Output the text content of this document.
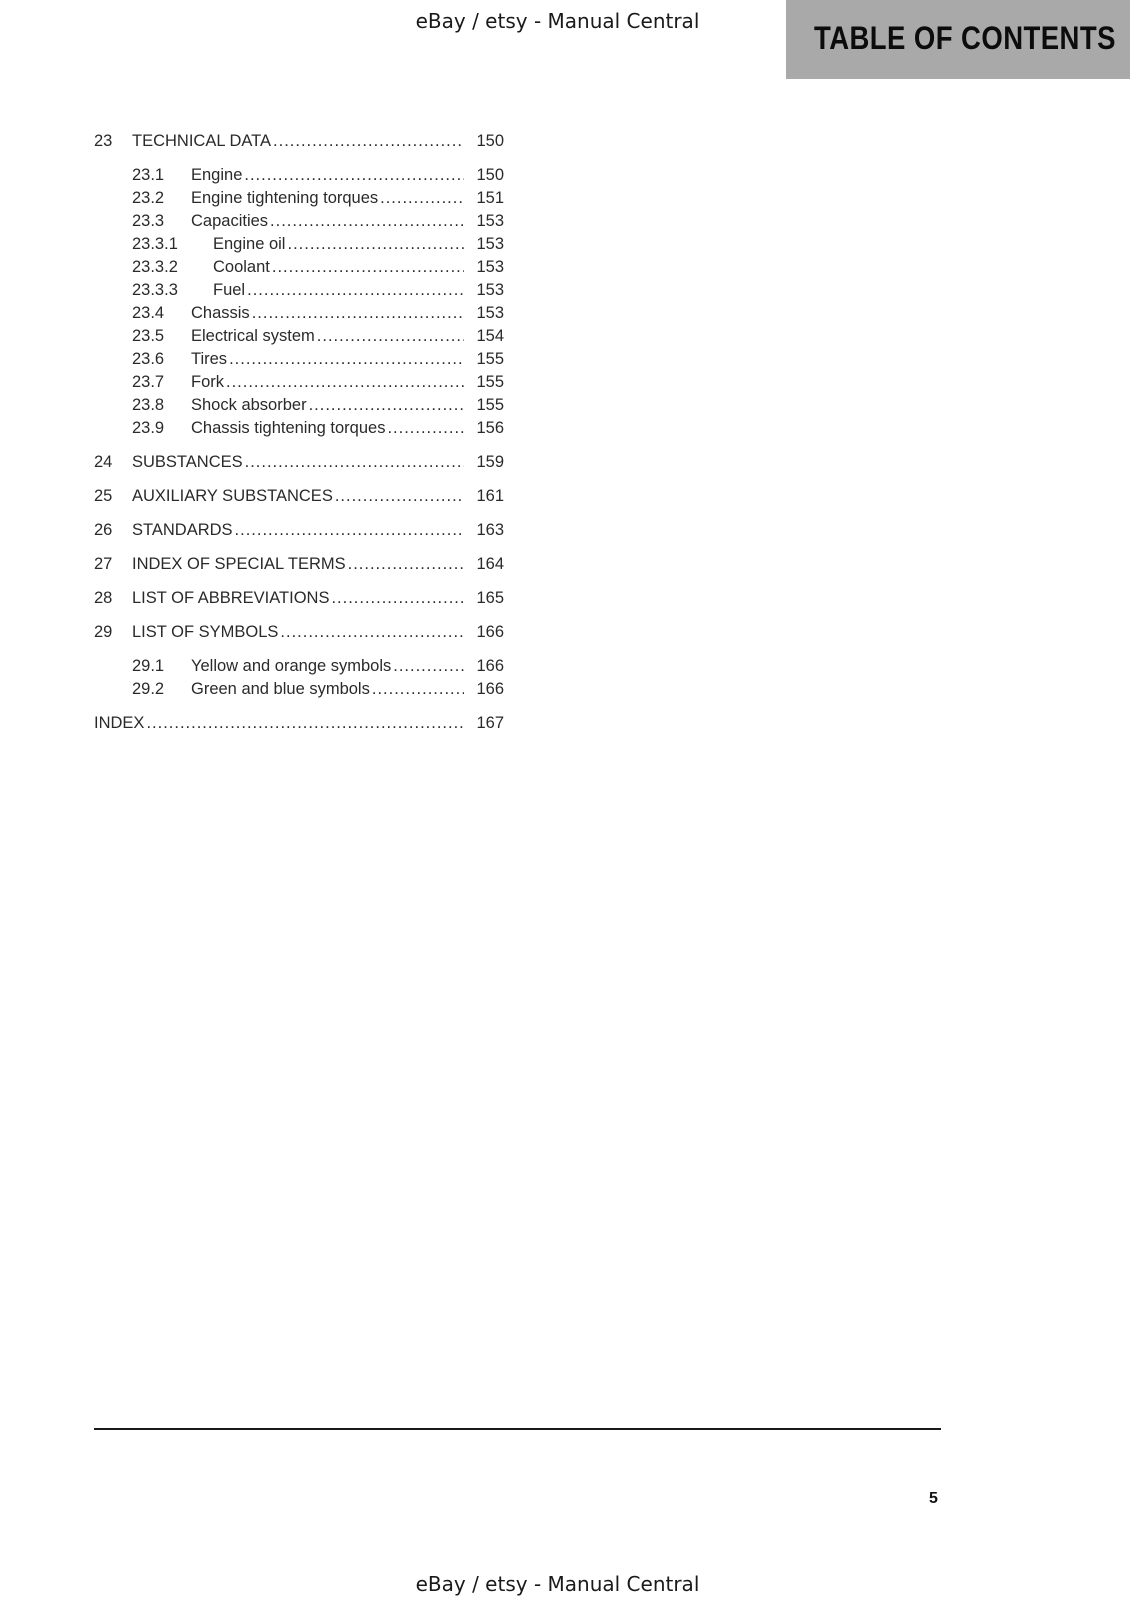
eBay / etsy - Manual Central	TABLE OF CONTENTS
23	TECHNICAL DATA .....	150
23.1	Engine .....	150
23.2	Engine tightening torques .....	151
23.3	Capacities .....	153
23.3.1	Engine oil .....	153
23.3.2	Coolant .....	153
23.3.3	Fuel .....	153
23.4	Chassis .....	153
23.5	Electrical system .....	154
23.6	Tires .....	155
23.7	Fork .....	155
23.8	Shock absorber .....	155
23.9	Chassis tightening torques .....	156
24	SUBSTANCES .....	159
25	AUXILIARY SUBSTANCES .....	161
26	STANDARDS .....	163
27	INDEX OF SPECIAL TERMS .....	164
28	LIST OF ABBREVIATIONS .....	165
29	LIST OF SYMBOLS .....	166
29.1	Yellow and orange symbols .....	166
29.2	Green and blue symbols .....	166
INDEX .....	167
5
eBay / etsy - Manual Central
